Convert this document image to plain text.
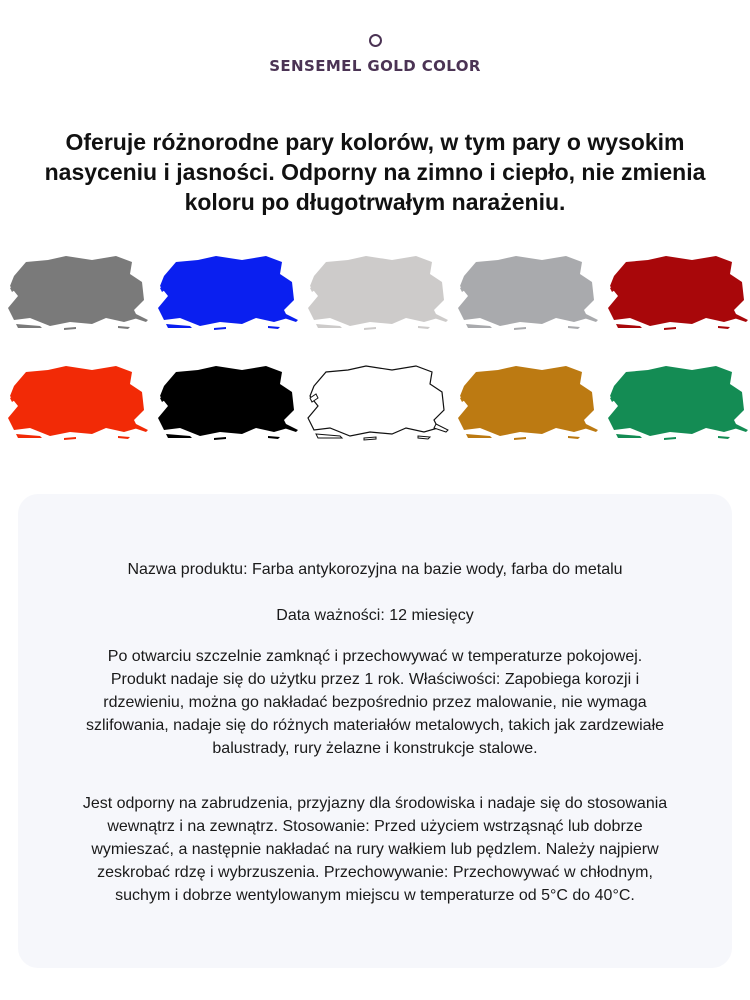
SENSEMEL GOLD COLOR
Oferuje różnorodne pary kolorów, w tym pary o wysokim nasyceniu i jasności. Odporny na zimno i ciepło, nie zmienia koloru po długotrwałym narażeniu.

Nazwa produktu: Farba antykorozyjna na bazie wody, farba do metalu

Data ważności: 12 miesięcy

Po otwarciu szczelnie zamknąć i przechowywać w temperaturze pokojowej. Produkt nadaje się do użytku przez 1 rok. Właściwości: Zapobiega korozji i rdzewieniu, można go nakładać bezpośrednio przez malowanie, nie wymaga szlifowania, nadaje się do różnych materiałów metalowych, takich jak zardzewiałe balustrady, rury żelazne i konstrukcje stalowe.

Jest odporny na zabrudzenia, przyjazny dla środowiska i nadaje się do stosowania wewnątrz i na zewnątrz. Stosowanie: Przed użyciem wstrząsnąć lub dobrze wymieszać, a następnie nakładać na rury wałkiem lub pędzlem. Należy najpierw zeskrobać rdzę i wybrzuszenia. Przechowywanie: Przechowywać w chłodnym, suchym i dobrze wentylowanym miejscu w temperaturze od 5°C do 40°C.
